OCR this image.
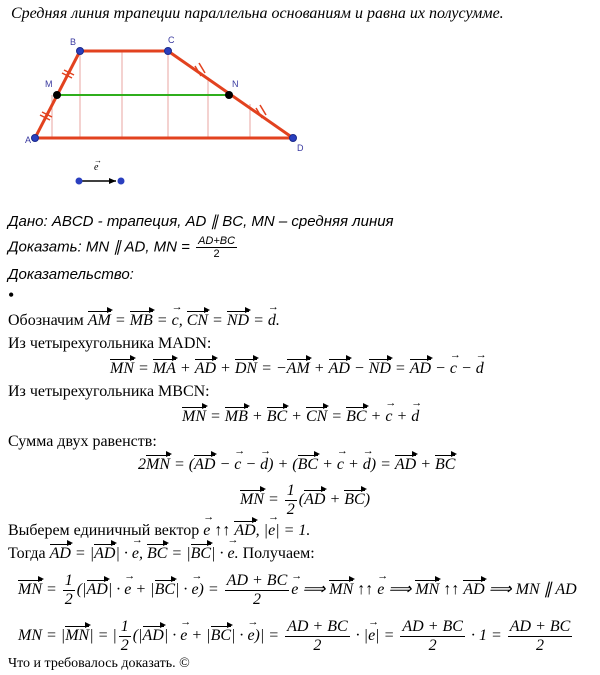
Средняя линия трапеции параллельна основаниям и равна их полусумме.
A
B	C
D
M	N
e
→
Дано: ABCD - трапеция, AD ∥ BC, MN – средняя линия
Доказать: MN ∥ AD, MN = $\frac{AD+BC}{2}$
Доказательство:
•
Обозначим AM = MB = c →, CN = ND = d →.
Из четырехугольника MADN:
MN = MA + AD + DN = −AM + AD − ND = AD − c → − d →
Из четырехугольника MBCN:
MN = MB + BC + CN = BC + c → + d →
Сумма двух равенств:
2MN = (AD − c → − d →) + (BC + c → + d →) = AD + BC
MN = $\frac{1}{2} (AD + BC)$
Выберем единичный вектор e → ↑↑ AD, |e →| = 1.
Тогда AD = |AD| · e →, BC = |BC| · e →. Получаем:
MN = $\frac{1}{2} (|AD| \cdot e$ → + |BC| · e →) = $\frac{AD + BC}{2}$ e → ⟹ MN ↑↑ e → ⟹ MN ↑↑ AD ⟹ MN ∥ AD
MN = |MN| = | $\frac{1}{2} (|AD| \cdot e$ → + |BC| · e →)| = $\frac{AD + BC}{2} \cdot |e$ →| = $\frac{AD + BC}{2} \cdot 1 = \frac{AD + BC}{2}$
Что и требовалось доказать. ©
